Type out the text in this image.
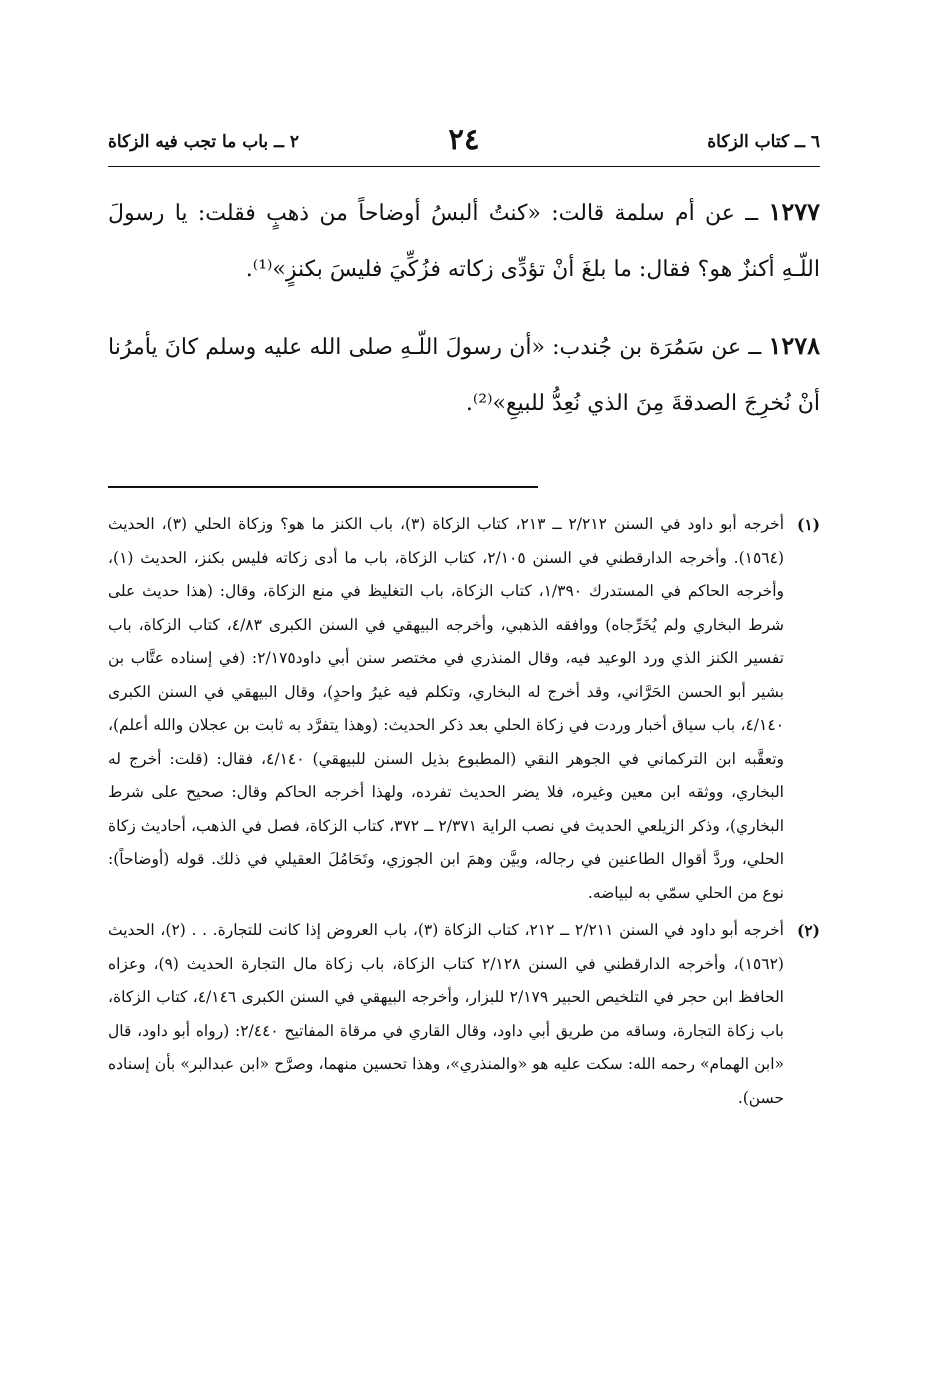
٦ ــ كتاب الزكاة
٢٤
٢ ــ باب ما تجب فيه الزكاة

١٢٧٧ ــ عن أم سلمة قالت: «كنتُ ألبسُ أوضاحاً من ذهبٍ فقلت: يا رسولَ اللّـهِ أكنزٌ هو؟ فقال: ما بلغَ أنْ تؤدِّى زكاته فزُكِّيَ فليسَ بكنزٍ»⁽¹⁾.

١٢٧٨ ــ عن سَمُرَة بن جُندب: «أن رسولَ اللّـهِ صلى الله عليه وسلم كانَ يأمرُنا أنْ نُخرِجَ الصدقةَ مِنَ الذي نُعِدُّ للبيعِ»⁽²⁾.

(١)
أخرجه أبو داود في السنن ٢/٢١٢ ــ ٢١٣، كتاب الزكاة (٣)، باب الكنز ما هو؟ وزكاة الحلي (٣)، الحديث (١٥٦٤). وأخرجه الدارقطني في السنن ٢/١٠٥، كتاب الزكاة، باب ما أدى زكاته فليس بكنز، الحديث (١)، وأخرجه الحاكم في المستدرك ١/٣٩٠، كتاب الزكاة، باب التغليظ في منع الزكاة، وقال: (هذا حديث على شرط البخاري ولم يُخَرِّجاه) ووافقه الذهبي، وأخرجه البيهقي في السنن الكبرى ٤/٨٣، كتاب الزكاة، باب تفسير الكنز الذي ورد الوعيد فيه، وقال المنذري في مختصر سنن أبي داود٢/١٧٥: (في إسناده عتَّاب بن بشير أبو الحسن الحَرَّاني، وقد أخرج له البخاري، وتكلم فيه غيرُ واحدٍ)، وقال البيهقي في السنن الكبرى ٤/١٤٠، باب سياق أخبار وردت في زكاة الحلي بعد ذكر الحديث: (وهذا يتفرَّد به ثابت بن عجلان والله أعلم)، وتعقَّبه ابن التركماني في الجوهر النقي (المطبوع بذيل السنن للبيهقي) ٤/١٤٠، فقال: (قلت: أخرج له البخاري، ووثقه ابن معين وغيره، فلا يضر الحديث تفرده، ولهذا أخرجه الحاكم وقال: صحيح على شرط البخاري)، وذكر الزيلعي الحديث في نصب الراية ٢/٣٧١ ــ ٣٧٢، كتاب الزكاة، فصل في الذهب، أحاديث زكاة الحلي، وردَّ أقوال الطاعنين في رجاله، وبيَّن وهمَ ابن الجوزي، وتَحَامُلَ العقيلي في ذلك. قوله (أوضاحاً): نوع من الحلي سمّي به لبياضه.
(٢)
أخرجه أبو داود في السنن ٢/٢١١ ــ ٢١٢، كتاب الزكاة (٣)، باب العروض إذا كانت للتجارة. . . (٢)، الحديث (١٥٦٢)، وأخرجه الدارقطني في السنن ٢/١٢٨ كتاب الزكاة، باب زكاة مال التجارة الحديث (٩)، وعزاه الحافظ ابن حجر في التلخيص الحبير ٢/١٧٩ للبزار، وأخرجه البيهقي في السنن الكبرى ٤/١٤٦، كتاب الزكاة، باب زكاة التجارة، وساقه من طريق أبي داود، وقال القاري في مرقاة المفاتيح ٢/٤٤٠: (رواه أبو داود، قال «ابن الهمام» رحمه الله: سكت عليه هو «والمنذري»، وهذا تحسين منهما، وصرَّح «ابن عبدالبر» بأن إسناده حسن).
